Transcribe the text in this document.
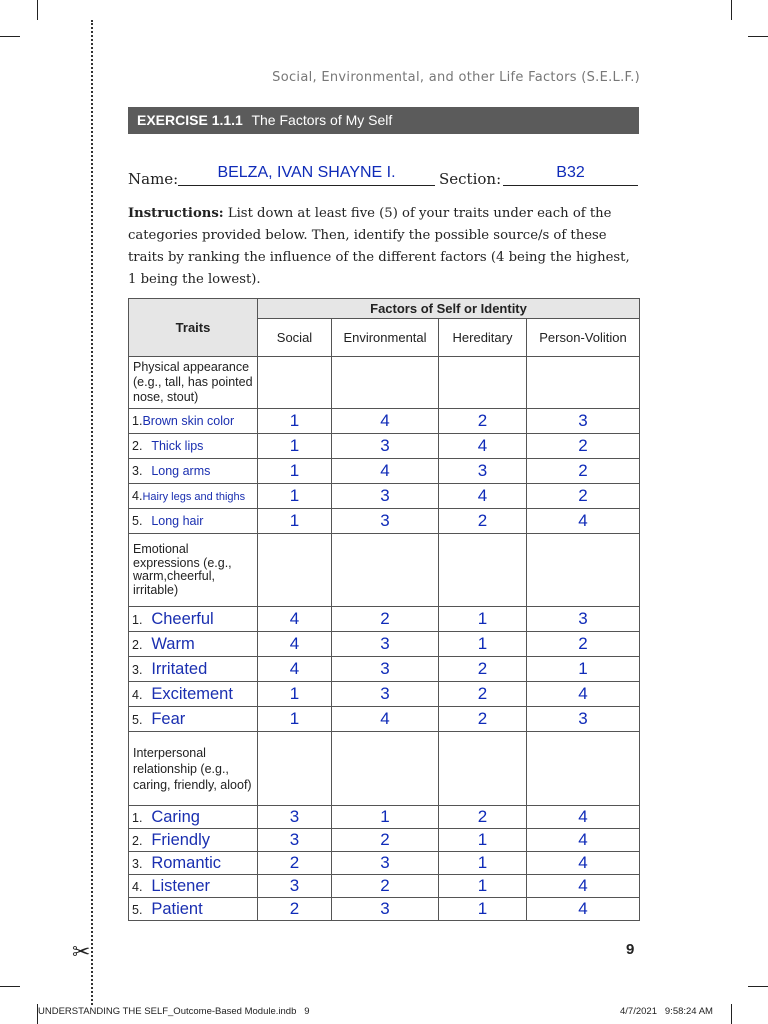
✂
Social, Environmental, and other Life Factors (S.E.L.F.)
EXERCISE 1.1.1 The Factors of My Self
Name:	BELZA, IVAN SHAYNE I.	Section:	B32
Instructions: List down at least five (5) of your traits under each of the categories provided below. Then, identify the possible source/s of these traits by ranking the influence of the different factors (4 being the highest, 1 being the lowest).
Traits	Factors of Self or Identity			
	Social	Environmental	Hereditary	Person-Volition
Physical appearance (e.g., tall, has pointed nose, stout)				
1.Brown skin color	1	4	2	3
2. Thick lips	1	3	4	2
3. Long arms	1	4	3	2
4.Hairy legs and thighs	1	3	4	2
5. Long hair	1	3	2	4
Emotional expressions (e.g., warm,cheerful, irritable)				
1. Cheerful	4	2	1	3
2. Warm	4	3	1	2
3. Irritated	4	3	2	1
4. Excitement	1	3	2	4
5. Fear	1	4	2	3
Interpersonal relationship (e.g., caring, friendly, aloof)				
1. Caring	3	1	2	4
2. Friendly	3	2	1	4
3. Romantic	2	3	1	4
4. Listener	3	2	1	4
5. Patient	2	3	1	4
9
UNDERSTANDING THE SELF_Outcome-Based Module.indb   9	4/7/2021   9:58:24 AM
